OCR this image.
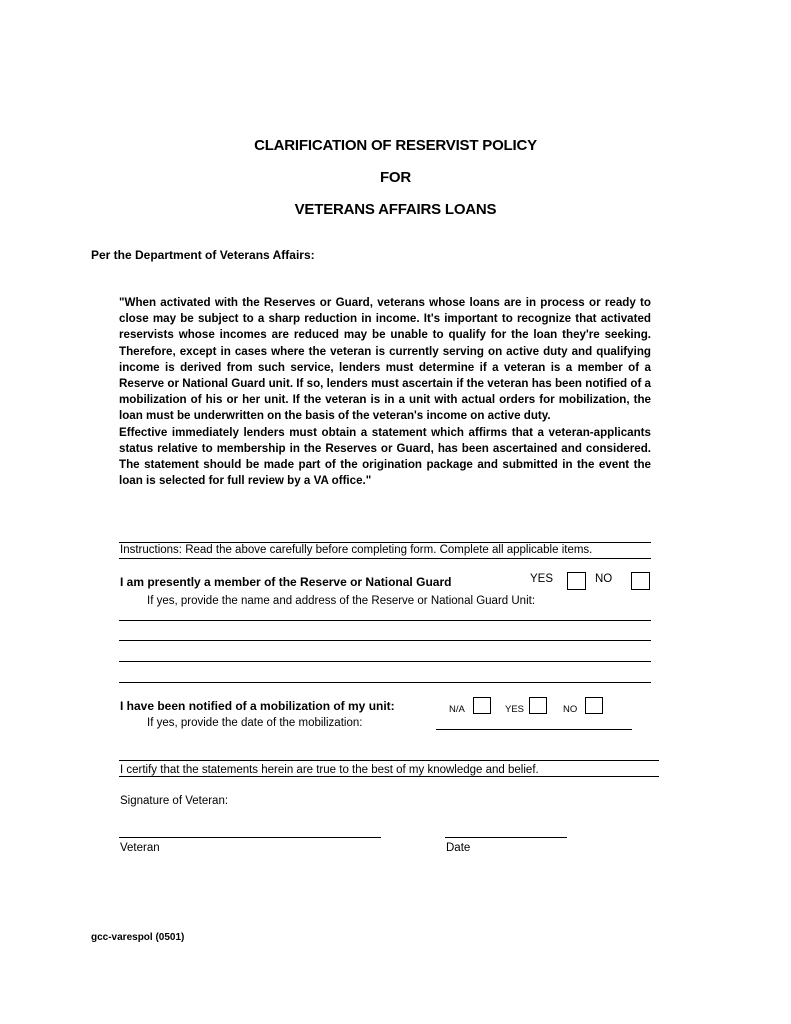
CLARIFICATION OF RESERVIST POLICY
FOR
VETERANS AFFAIRS LOANS
Per the Department of Veterans Affairs:

"When activated with the Reserves or Guard, veterans whose loans are in process or ready to close may be subject to a sharp reduction in income. It's important to recognize that activated reservists whose incomes are reduced may be unable to qualify for the loan they're seeking. Therefore, except in cases where the veteran is currently serving on active duty and qualifying income is derived from such service, lenders must determine if a veteran is a member of a Reserve or National Guard unit. If so, lenders must ascertain if the veteran has been notified of a mobilization of his or her unit. If the veteran is in a unit with actual orders for mobilization, the loan must be underwritten on the basis of the veteran's income on active duty.

Effective immediately lenders must obtain a statement which affirms that a veteran-applicants status relative to membership in the Reserves or Guard, has been ascertained and considered. The statement should be made part of the origination package and submitted in the event the loan is selected for full review by a VA office."

Instructions: Read the above carefully before completing form. Complete all applicable items.
I am presently a member of the Reserve or National Guard	YES	NO
If yes, provide the name and address of the Reserve or National Guard Unit:
I have been notified of a mobilization of my unit:	N/A	YES	NO
If yes, provide the date of the mobilization:
I certify that the statements herein are true to the best of my knowledge and belief.
Signature of Veteran:
Veteran	Date
gcc-varespol (0501)
